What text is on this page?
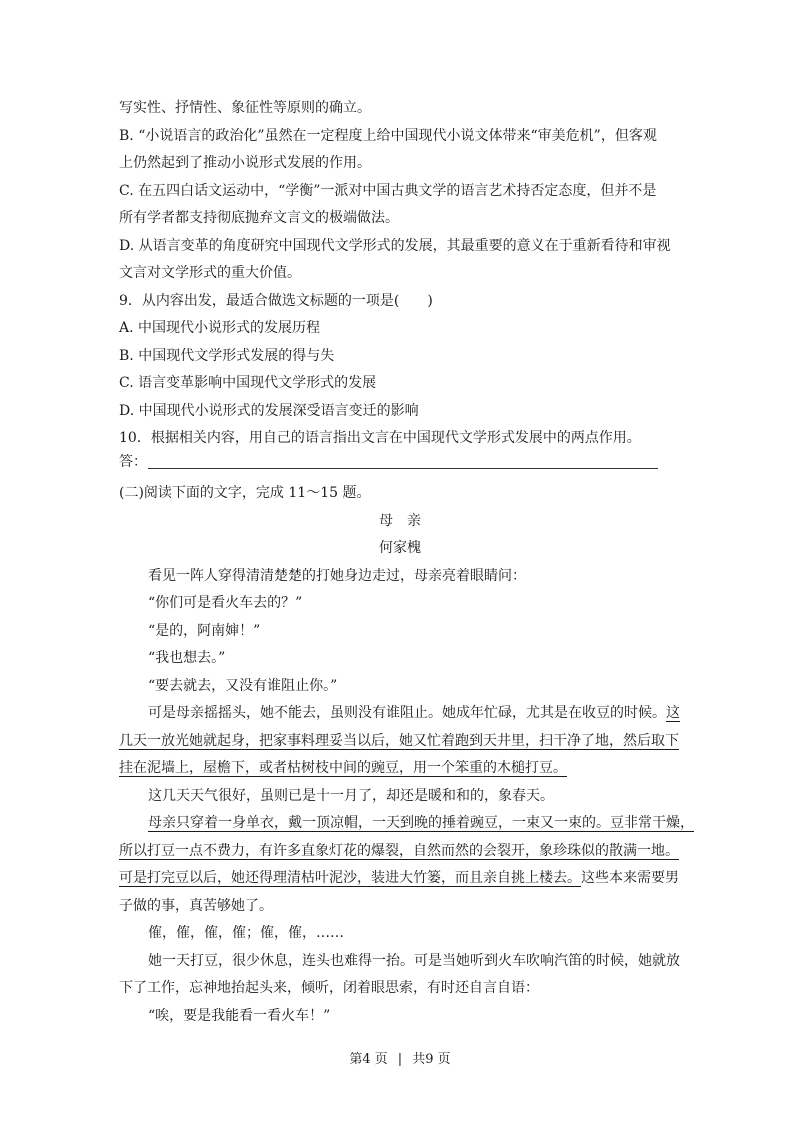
写实性、抒情性、象征性等原则的确立。
B. “小说语言的政治化”虽然在一定程度上给中国现代小说文体带来“审美危机”，但客观
上仍然起到了推动小说形式发展的作用。
C. 在五四白话文运动中，“学衡”一派对中国古典文学的语言艺术持否定态度，但并不是
所有学者都支持彻底抛弃文言文的极端做法。
D. 从语言变革的角度研究中国现代文学形式的发展，其最重要的意义在于重新看待和审视
文言对文学形式的重大价值。
9．从内容出发，最适合做选文标题的一项是(　　)
A. 中国现代小说形式的发展历程
B. 中国现代文学形式发展的得与失
C. 语言变革影响中国现代文学形式的发展
D. 中国现代小说形式的发展深受语言变迁的影响
10．根据相关内容，用自己的语言指出文言在中国现代文学形式发展中的两点作用。
答：
(二)阅读下面的文字，完成 11～15 题。
母　亲
何家槐
看见一阵人穿得清清楚楚的打她身边走过，母亲亮着眼睛问：
“你们可是看火车去的？”
“是的，阿南婶！”
“我也想去。”
“要去就去，又没有谁阻止你。”
可是母亲摇摇头，她不能去，虽则没有谁阻止。她成年忙碌，尤其是在收豆的时候。这
几天一放光她就起身，把家事料理妥当以后，她又忙着跑到天井里，扫干净了地，然后取下
挂在泥墙上，屋檐下，或者枯树枝中间的豌豆，用一个笨重的木槌打豆。
这几天天气很好，虽则已是十一月了，却还是暖和和的，象春天。
母亲只穿着一身单衣，戴一顶凉帽，一天到晚的捶着豌豆，一束又一束的。豆非常干燥，
所以打豆一点不费力，有许多直象灯花的爆裂，自然而然的会裂开，象珍珠似的散满一地。
可是打完豆以后，她还得理清枯叶泥沙，装进大竹篓，而且亲自挑上楼去。这些本来需要男
子做的事，真苦够她了。
傕，傕，傕，傕；傕，傕，……
她一天打豆，很少休息，连头也难得一抬。可是当她听到火车吹响汽笛的时候，她就放
下了工作，忘神地抬起头来，倾听，闭着眼思索，有时还自言自语：
“唉，要是我能看一看火车！”
第4 页 | 共9 页
